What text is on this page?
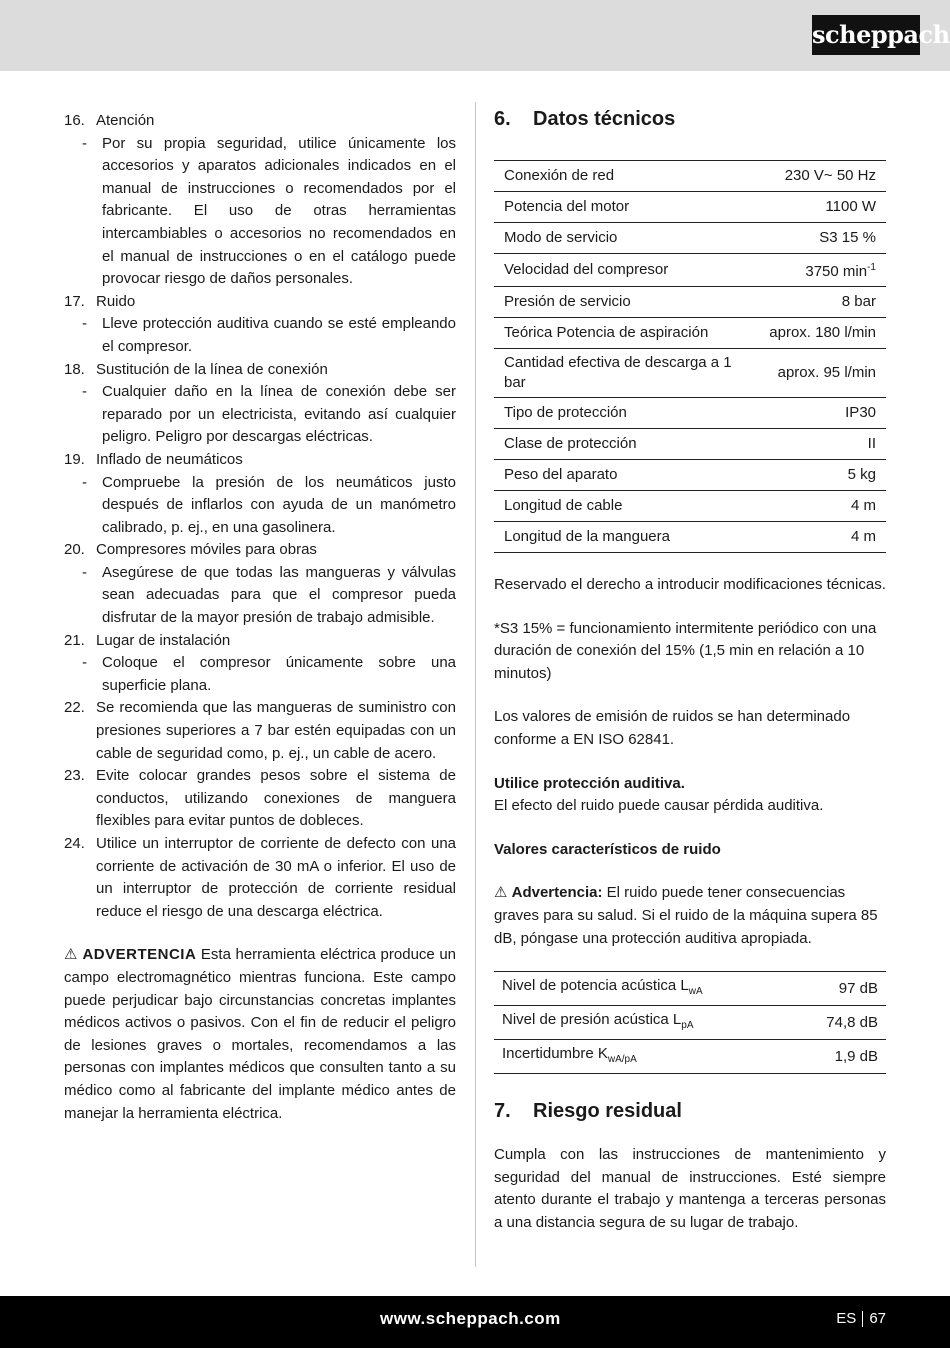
scheppach
16. Atención
-	Por su propia seguridad, utilice únicamente los accesorios y aparatos adicionales indicados en el manual de instrucciones o recomendados por el fabricante. El uso de otras herramientas intercambiables o accesorios no recomendados en el manual de instrucciones o en el catálogo puede provocar riesgo de daños personales.
17. Ruido
-	Lleve protección auditiva cuando se esté empleando el compresor.
18. Sustitución de la línea de conexión
-	Cualquier daño en la línea de conexión debe ser reparado por un electricista, evitando así cualquier peligro. Peligro por descargas eléctricas.
19. Inflado de neumáticos
-	Compruebe la presión de los neumáticos justo después de inflarlos con ayuda de un manómetro calibrado, p. ej., en una gasolinera.
20. Compresores móviles para obras
-	Asegúrese de que todas las mangueras y válvulas sean adecuadas para que el compresor pueda disfrutar de la mayor presión de trabajo admisible.
21. Lugar de instalación
-	Coloque el compresor únicamente sobre una superficie plana.
22. Se recomienda que las mangueras de suministro con presiones superiores a 7 bar estén equipadas con un cable de seguridad como, p. ej., un cable de acero.
23. Evite colocar grandes pesos sobre el sistema de conductos, utilizando conexiones de manguera flexibles para evitar puntos de dobleces.
24. Utilice un interruptor de corriente de defecto con una corriente de activación de 30 mA o inferior. El uso de un interruptor de protección de corriente residual reduce el riesgo de una descarga eléctrica.
⚠ ADVERTENCIA Esta herramienta eléctrica produce un campo electromagnético mientras funciona. Este campo puede perjudicar bajo circunstancias concretas implantes médicos activos o pasivos. Con el fin de reducir el peligro de lesiones graves o mortales, recomendamos a las personas con implantes médicos que consulten tanto a su médico como al fabricante del implante médico antes de manejar la herramienta eléctrica.
6.	Datos técnicos
Conexión de red	230 V~ 50 Hz
Potencia del motor	1100 W
Modo de servicio	S3 15 %
Velocidad del compresor	3750 $\min^{-1}$
Presión de servicio	8 bar
Teórica Potencia de aspiración	aprox. 180 l/min
Cantidad efectiva de descarga a 1 bar	aprox. 95 l/min
Tipo de protección	IP30
Clase de protección	II
Peso del aparato	5 kg
Longitud de cable	4 m
Longitud de la manguera	4 m
Reservado el derecho a introducir modificaciones técnicas.
*S3 15% = funcionamiento intermitente periódico con una duración de conexión del 15% (1,5 min en relación a 10 minutos)
Los valores de emisión de ruidos se han determinado conforme a EN ISO 62841.
Utilice protección auditiva.
El efecto del ruido puede causar pérdida auditiva.
Valores característicos de ruido
⚠ Advertencia: El ruido puede tener consecuencias graves para su salud. Si el ruido de la máquina supera 85 dB, póngase una protección auditiva apropiada.
Nivel de potencia acústica $L_{wA}$	97 dB
Nivel de presión acústica $L_{pA}$	74,8 dB
Incertidumbre $K_{wA/pA}$	1,9 dB
7.	Riesgo residual
Cumpla con las instrucciones de mantenimiento y seguridad del manual de instrucciones. Esté siempre atento durante el trabajo y mantenga a terceras personas a una distancia segura de su lugar de trabajo.
www.scheppach.com	ES 67
